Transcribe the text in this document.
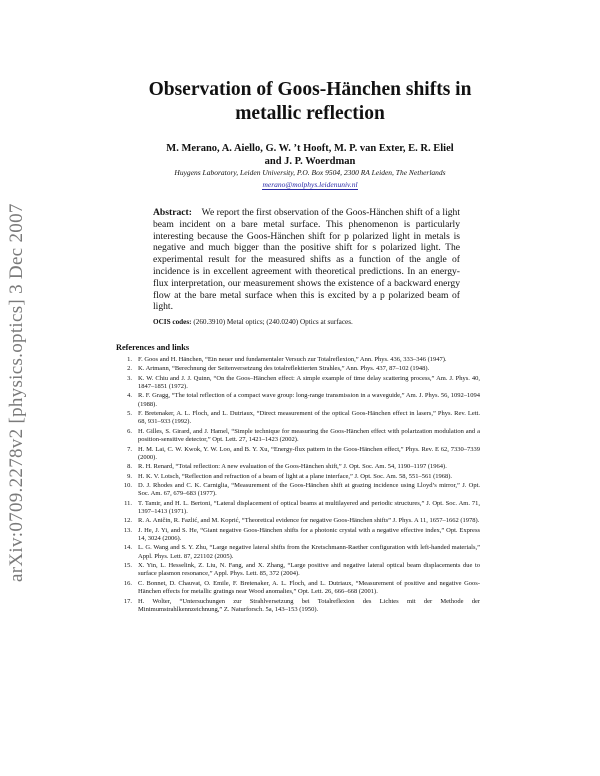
arXiv:0709.2278v2 [physics.optics] 3 Dec 2007
Observation of Goos-Hänchen shifts in
metallic reflection
M. Merano, A. Aiello, G. W. ’t Hooft, M. P. van Exter, E. R. Eliel
and J. P. Woerdman
Huygens Laboratory, Leiden University, P.O. Box 9504, 2300 RA Leiden, The Netherlands
merano@molphys.leidenuniv.nl
Abstract: We report the first observation of the Goos-Hänchen shift of a light beam incident on a bare metal surface. This phenomenon is particularly interesting because the Goos-Hänchen shift for p polarized light in metals is negative and much bigger than the positive shift for s polarized light. The experimental result for the measured shifts as a function of the angle of incidence is in excellent agreement with theoretical predictions. In an energy-flux interpretation, our measurement shows the existence of a backward energy flow at the bare metal surface when this is excited by a p polarized beam of light.
OCIS codes: (260.3910) Metal optics; (240.0240) Optics at surfaces.
References and links
1. F. Goos and H. Hänchen, “Ein neuer und fundamentaler Versuch zur Totalreflexion,” Ann. Phys. 436, 333–346 (1947).
2. K. Artmann, “Berechnung der Seitenversetzung des totalreflektierten Strahles,” Ann. Phys. 437, 87–102 (1948).
3. K. W. Chiu and J. J. Quinn, “On the Goos–Hänchen effect: A simple example of time delay scattering process,” Am. J. Phys. 40, 1847–1851 (1972).
4. R. F. Gragg, “The total reflection of a compact wave group: long-range transmission in a waveguide,” Am. J. Phys. 56, 1092–1094 (1988).
5. F. Bretenaker, A. L. Floch, and L. Dutriaux, “Direct measurement of the optical Goos-Hänchen effect in lasers,” Phys. Rev. Lett. 68, 931–933 (1992).
6. H. Gilles, S. Girard, and J. Hamel, “Simple technique for measuring the Goos-Hänchen effect with polarization modulation and a position-sensitive detector,” Opt. Lett. 27, 1421–1423 (2002).
7. H. M. Lai, C. W. Kwok, Y. W. Loo, and B. Y. Xu, “Energy-flux pattern in the Goos-Hänchen effect,” Phys. Rev. E 62, 7330–7339 (2000).
8. R. H. Renard, “Total reflection: A new evaluation of the Goos-Hänchen shift,” J. Opt. Soc. Am. 54, 1190–1197 (1964).
9. H. K. V. Lotsch, “Reflection and refraction of a beam of light at a plane interface,” J. Opt. Soc. Am. 58, 551–561 (1968).
10. D. J. Rhodes and C. K. Carniglia, “Measurement of the Goos-Hänchen shift at grazing incidence using Lloyd’s mirror,” J. Opt. Soc. Am. 67, 679–683 (1977).
11. T. Tamir, and H. L. Bertoni, “Lateral displacement of optical beams at multilayered and periodic structures,” J. Opt. Soc. Am. 71, 1397–1413 (1971).
12. R. A. Aničin, R. Fazlić, and M. Koprić, “Theoretical evidence for negative Goos-Hänchen shifts” J. Phys. A 11, 1657–1662 (1978).
13. J. He, J. Yi, and S. He, “Giant negative Goos-Hänchen shifts for a photonic crystal with a negative effective index,” Opt. Express 14, 3024 (2006).
14. L. G. Wang and S. Y. Zhu, “Large negative lateral shifts from the Kretschmann-Raether configuration with left-handed materials,” Appl. Phys. Lett. 87, 221102 (2005).
15. X. Yin, L. Hesselink, Z. Liu, N. Fang, and X. Zhang, “Large positive and negative lateral optical beam displacements due to surface plasmon resonance,” Appl. Phys. Lett. 85, 372 (2004).
16. C. Bonnet, D. Chauvat, O. Emile, F. Bretenaker, A. L. Floch, and L. Dutriaux, “Measurement of positive and negative Goos-Hänchen effects for metallic gratings near Wood anomalies,” Opt. Lett. 26, 666–668 (2001).
17. H. Wolter, “Untersuchungen zur Strahlversetzung bei Totalreflexion des Lichtes mit der Methode der Minimumstrahlkennzeichnung,” Z. Naturforsch. 5a, 143–153 (1950).
